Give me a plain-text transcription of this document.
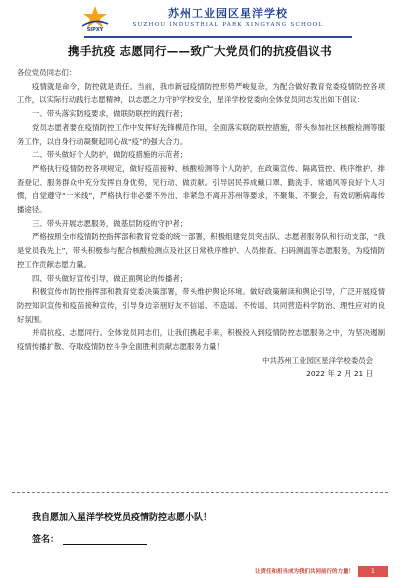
SIPXY
苏州工业园区星洋学校
SUZHOU INDUSTRIAL PARK XINGYANG SCHOOL
携手抗疫 志愿同行——致广大党员们的抗疫倡议书

各位党员同志们：

疫情就是命令，防控就是责任。当前，我市新冠疫情防控形势严峻复杂，为配合做好教育党委疫情防控各项工作，以实际行动践行志愿精神，以志愿之力守护学校安全，星洋学校党委向全体党员同志发出如下倡议：

一、带头落实防疫要求，做联防联控的践行者；

党员志愿者要在疫情防控工作中发挥好先锋模范作用，全面落实联防联控措施，带头参加社区核酸检测等服务工作，以自身行动凝聚起同心战“疫”的强大合力。

二、带头做好个人防护，做防疫措施的示范者；

严格执行疫情防控各项规定，做好疫苗接种、核酸检测等个人防护，在政策宣传、隔离管控、秩序维护、排查登记、服务群众中充分发挥自身优势，见行动、做贡献。引导居民养成戴口罩、勤洗手、常通风等良好个人习惯，自觉遵守“一米线”，严格执行非必要不外出、非紧急不离开苏州等要求，不聚集、不聚会，有效切断病毒传播途径。

三、带头开展志愿服务，做基层防疫的守护者；

严格按照全市疫情防控指挥部和教育党委的统一部署，积极组建党员突击队、志愿者服务队和行动支部，“我是党员我先上”，带头积极参与配合核酸检测点及社区日常秩序维护、人员排查、扫码测温等志愿服务，为疫情防控工作贡献志愿力量。

四、带头做好宣传引导，做正面舆论的传播者；

积极宣传市防控指挥部和教育党委决策部署，带头维护舆论环境。做好政策解读和舆论引导，广泛开展疫情防控知识宣传和疫苗接种宣传，引导身边亲朋好友不信谣、不造谣、不传谣，共同营造科学防治、理性应对的良好氛围。

并肩抗疫、志愿同行。全体党员同志们，让我们携起手来，积极投入到疫情防控志愿服务之中，为坚决遏制疫情传播扩散、夺取疫情防控斗争全面胜利贡献志愿服务力量！

中共苏州工业园区星洋学校委员会

2022 年 2 月 21 日

我自愿加入星洋学校党员疫情防控志愿小队！
签名：
让责任和担当成为我们共同前行的力量！	1
